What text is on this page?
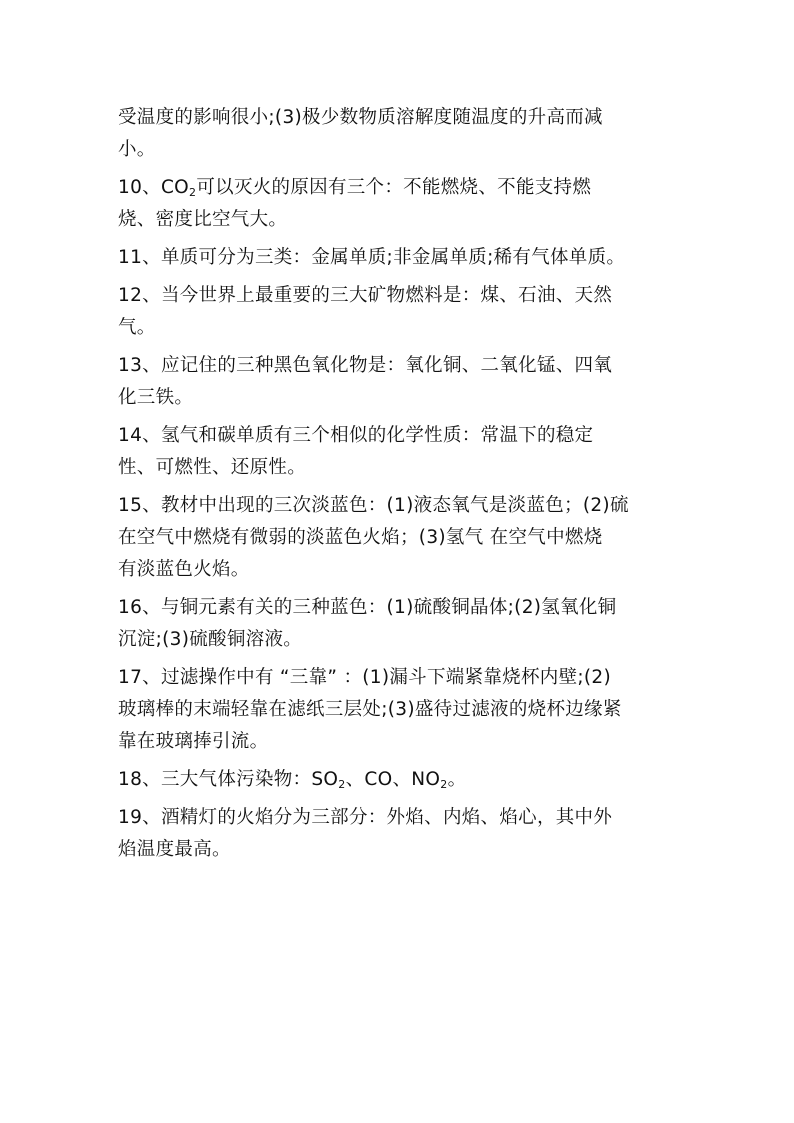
受温度的影响很小;(3)极少数物质溶解度随温度的升高而减
小。

10、$CO_2$可以灭火的原因有三个：不能燃烧、不能支持燃
烧、密度比空气大。

11、单质可分为三类：金属单质;非金属单质;稀有气体单质。

12、当今世界上最重要的三大矿物燃料是：煤、石油、天然
气。

13、应记住的三种黑色氧化物是：氧化铜、二氧化锰、四氧
化三铁。

14、氢气和碳单质有三个相似的化学性质：常温下的稳定
性、可燃性、还原性。

15、教材中出现的三次淡蓝色：(1)液态氧气是淡蓝色；(2)硫
在空气中燃烧有微弱的淡蓝色火焰；(3)氢气 在空气中燃烧
有淡蓝色火焰。

16、与铜元素有关的三种蓝色：(1)硫酸铜晶体;(2)氢氧化铜
沉淀;(3)硫酸铜溶液。

17、过滤操作中有 “三靠” ：(1)漏斗下端紧靠烧杯内壁;(2)
玻璃棒的末端轻靠在滤纸三层处;(3)盛待过滤液的烧杯边缘紧
靠在玻璃捧引流。

18、三大气体污染物：$SO_2$、CO、$NO_2$。

19、酒精灯的火焰分为三部分：外焰、内焰、焰心，其中外
焰温度最高。
